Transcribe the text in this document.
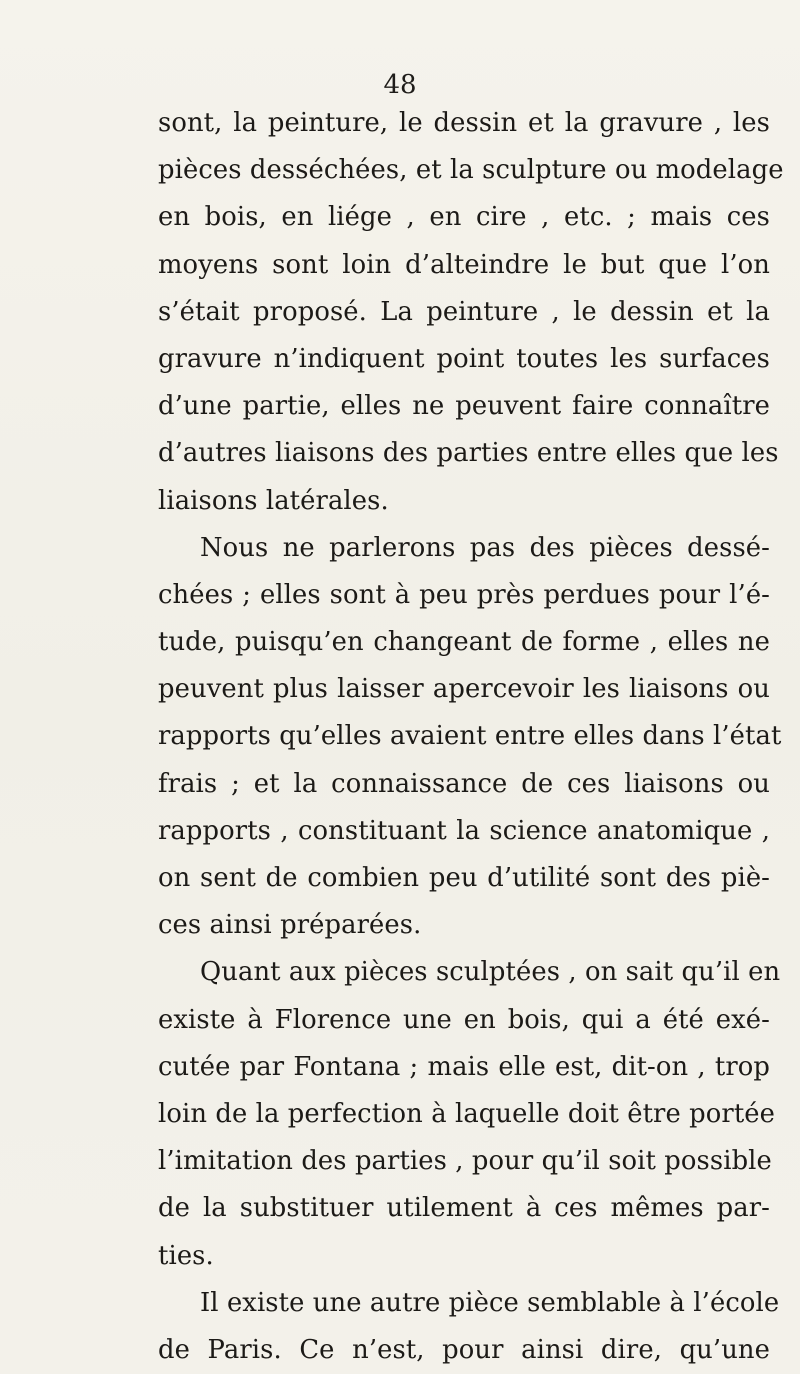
48
sont, la peinture, le dessin et la gravure , les
pièces desséchées, et la sculpture ou modelage
en bois, en liége , en cire , etc. ; mais ces
moyens sont loin d’alteindre le but que l’on
s’était proposé. La peinture , le dessin et la
gravure n’indiquent point toutes les surfaces
d’une partie, elles ne peuvent faire connaître
d’autres liaisons des parties entre elles que les
liaisons latérales.
Nous ne parlerons pas des pièces dessé-
chées ; elles sont à peu près perdues pour l’é-
tude, puisqu’en changeant de forme , elles ne
peuvent plus laisser apercevoir les liaisons ou
rapports qu’elles avaient entre elles dans l’état
frais ; et la connaissance de ces liaisons ou
rapports , constituant la science anatomique ,
on sent de combien peu d’utilité sont des piè-
ces ainsi préparées.
Quant aux pièces sculptées , on sait qu’il en
existe à Florence une en bois, qui a été exé-
cutée par Fontana ; mais elle est, dit-on , trop
loin de la perfection à laquelle doit être portée
l’imitation des parties , pour qu’il soit possible
de la substituer utilement à ces mêmes par-
ties.
Il existe une autre pièce semblable à l’école
de Paris. Ce n’est, pour ainsi dire, qu’une
